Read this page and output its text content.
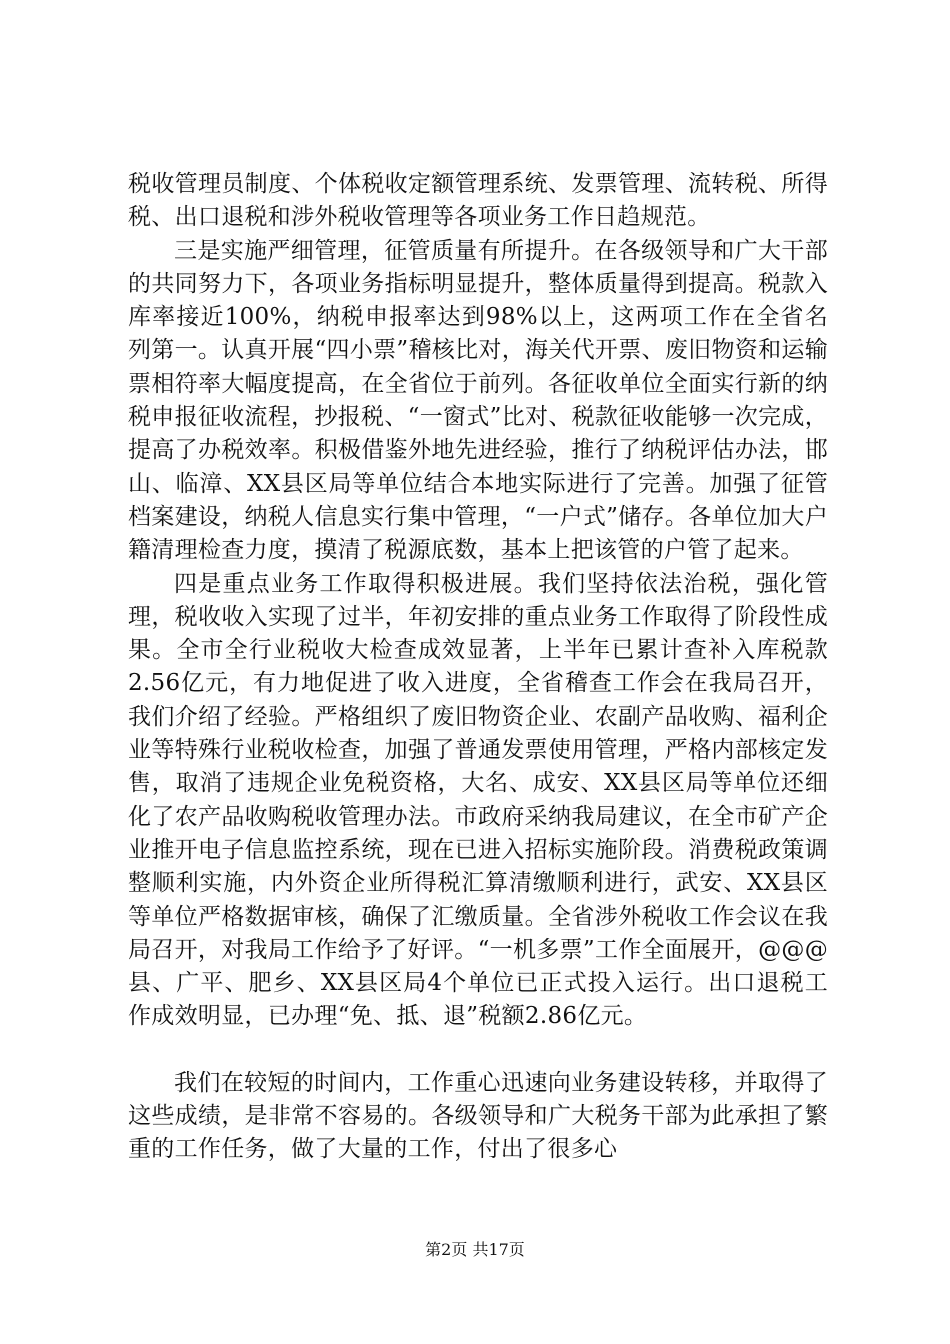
税收管理员制度、个体税收定额管理系统、发票管理、流转税、所得税、出口退税和涉外税收管理等各项业务工作日趋规范。

三是实施严细管理，征管质量有所提升。在各级领导和广大干部的共同努力下，各项业务指标明显提升，整体质量得到提高。税款入库率接近100%，纳税申报率达到98%以上，这两项工作在全省名列第一。认真开展“四小票”稽核比对，海关代开票、废旧物资和运输票相符率大幅度提高，在全省位于前列。各征收单位全面实行新的纳税申报征收流程，抄报税、“一窗式”比对、税款征收能够一次完成，提高了办税效率。积极借鉴外地先进经验，推行了纳税评估办法，邯山、临漳、XX县区局等单位结合本地实际进行了完善。加强了征管档案建设，纳税人信息实行集中管理，“一户式”储存。各单位加大户籍清理检查力度，摸清了税源底数，基本上把该管的户管了起来。

四是重点业务工作取得积极进展。我们坚持依法治税，强化管理，税收收入实现了过半，年初安排的重点业务工作取得了阶段性成果。全市全行业税收大检查成效显著，上半年已累计查补入库税款2.56亿元，有力地促进了收入进度，全省稽查工作会在我局召开，我们介绍了经验。严格组织了废旧物资企业、农副产品收购、福利企业等特殊行业税收检查，加强了普通发票使用管理，严格内部核定发售，取消了违规企业免税资格，大名、成安、XX县区局等单位还细化了农产品收购税收管理办法。市政府采纳我局建议，在全市矿产企业推开电子信息监控系统，现在已进入招标实施阶段。消费税政策调整顺利实施，内外资企业所得税汇算清缴顺利进行，武安、XX县区等单位严格数据审核，确保了汇缴质量。全省涉外税收工作会议在我局召开，对我局工作给予了好评。“一机多票”工作全面展开，@@@县、广平、肥乡、XX县区局4个单位已正式投入运行。出口退税工作成效明显，已办理“免、抵、退”税额2.86亿元。

我们在较短的时间内，工作重心迅速向业务建设转移，并取得了这些成绩，是非常不容易的。各级领导和广大税务干部为此承担了繁重的工作任务，做了大量的工作，付出了很多心

第2页 共17页
